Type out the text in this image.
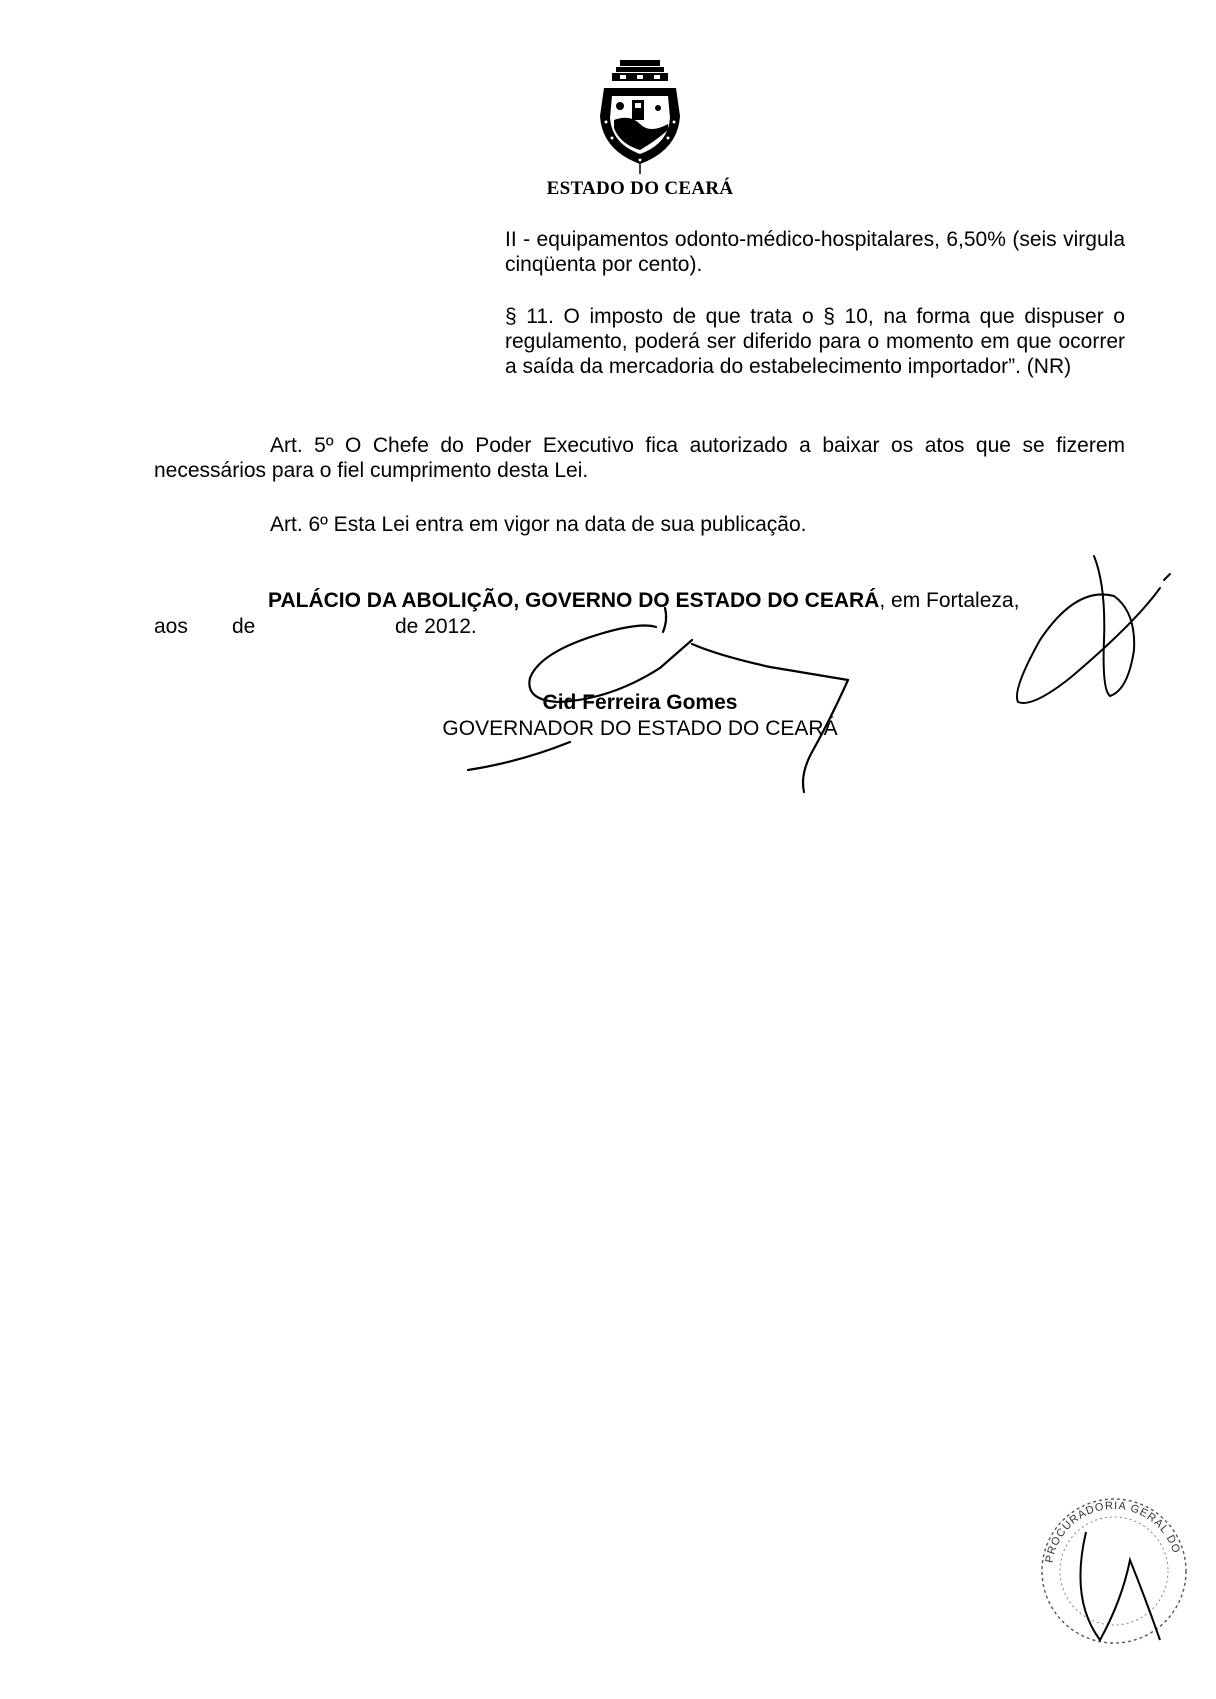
ESTADO DO CEARÁ
II - equipamentos odonto-médico-hospitalares, 6,50% (seis virgula cinqüenta por cento).
§ 11. O imposto de que trata o § 10, na forma que dispuser o regulamento, poderá ser diferido para o momento em que ocorrer a saída da mercadoria do estabelecimento importador”. (NR)
Art. 5º O Chefe do Poder Executivo fica autorizado a baixar os atos que se fizerem necessários para o fiel cumprimento desta Lei.
Art. 6º Esta Lei entra em vigor na data de sua publicação.
PALÁCIO DA ABOLIÇÃO, GOVERNO DO ESTADO DO CEARÁ, em Fortaleza,
aos de	de 2012.
Cid Ferreira Gomes
GOVERNADOR DO ESTADO DO CEARÁ
PROCURADORIA GERAL DO
